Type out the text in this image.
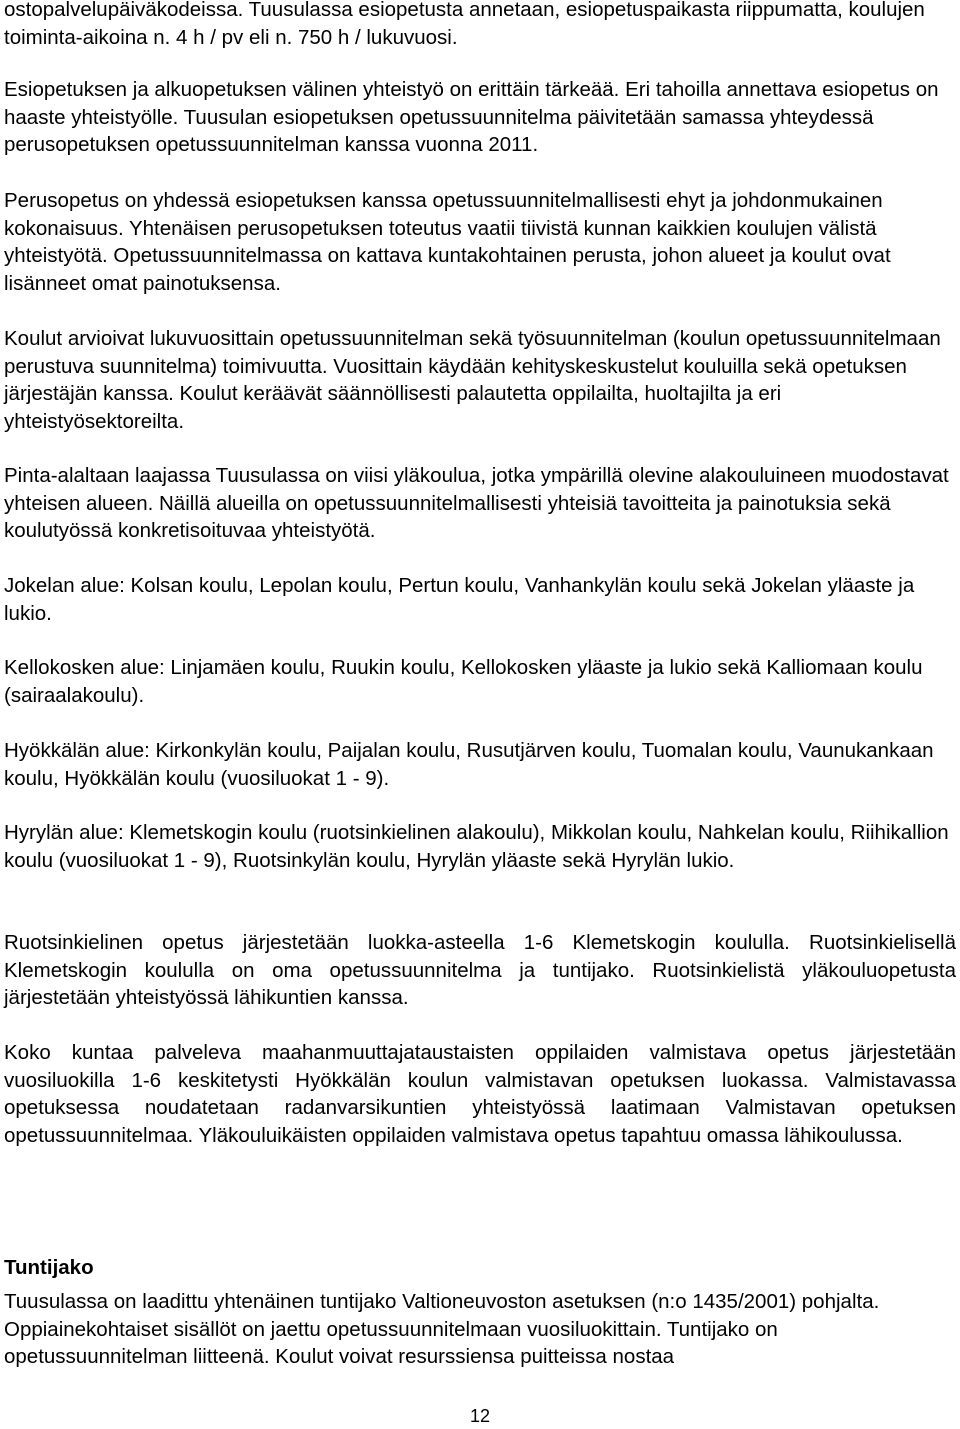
ostopalvelupäiväkodeissa. Tuusulassa esiopetusta annetaan, esiopetuspaikasta riippumatta, koulujen toiminta-aikoina n. 4 h / pv eli n. 750 h / lukuvuosi.

Esiopetuksen ja alkuopetuksen välinen yhteistyö on erittäin tärkeää. Eri tahoilla annettava esiopetus on haaste yhteistyölle. Tuusulan esiopetuksen opetussuunnitelma päivitetään samassa yhteydessä perusopetuksen opetussuunnitelman kanssa vuonna 2011.

Perusopetus on yhdessä esiopetuksen kanssa opetussuunnitelmallisesti ehyt ja johdonmukainen kokonaisuus. Yhtenäisen perusopetuksen toteutus vaatii tiivistä kunnan kaikkien koulujen välistä yhteistyötä. Opetussuunnitelmassa on kattava kuntakohtainen perusta, johon alueet ja koulut ovat lisänneet omat painotuksensa.

Koulut arvioivat lukuvuosittain opetussuunnitelman sekä työsuunnitelman (koulun opetussuunnitelmaan perustuva suunnitelma) toimivuutta. Vuosittain käydään kehityskeskustelut kouluilla sekä opetuksen järjestäjän kanssa. Koulut keräävät säännöllisesti palautetta oppilailta, huoltajilta ja eri yhteistyösektoreilta.

Pinta-alaltaan laajassa Tuusulassa on viisi yläkoulua, jotka ympärillä olevine alakouluineen muodostavat yhteisen alueen. Näillä alueilla on opetussuunnitelmallisesti yhteisiä tavoitteita ja painotuksia sekä koulutyössä konkretisoituvaa yhteistyötä.

Jokelan alue: Kolsan koulu, Lepolan koulu, Pertun koulu, Vanhankylän koulu sekä Jokelan yläaste ja lukio.

Kellokosken alue: Linjamäen koulu, Ruukin koulu, Kellokosken yläaste ja lukio sekä Kalliomaan koulu (sairaalakoulu).

Hyökkälän alue: Kirkonkylän koulu, Paijalan koulu, Rusutjärven koulu, Tuomalan koulu, Vaunukankaan koulu, Hyökkälän koulu (vuosiluokat 1 - 9).

Hyrylän alue: Klemetskogin koulu (ruotsinkielinen alakoulu), Mikkolan koulu, Nahkelan koulu, Riihikallion koulu (vuosiluokat 1 - 9), Ruotsinkylän koulu, Hyrylän yläaste sekä Hyrylän lukio.

Ruotsinkielinen opetus järjestetään luokka-asteella 1-6 Klemetskogin koululla. Ruotsinkielisellä Klemetskogin koululla on oma opetussuunnitelma ja tuntijako. Ruotsinkielistä yläkouluopetusta järjestetään yhteistyössä lähikuntien kanssa.

Koko kuntaa palveleva maahanmuuttajataustaisten oppilaiden valmistava opetus järjestetään vuosiluokilla 1-6 keskitetysti Hyökkälän koulun valmistavan opetuksen luokassa. Valmistavassa opetuksessa noudatetaan radanvarsikuntien yhteistyössä laatimaan Valmistavan opetuksen opetussuunnitelmaa. Yläkouluikäisten oppilaiden valmistava opetus tapahtuu omassa lähikoulussa.

Tuntijako

Tuusulassa on laadittu yhtenäinen tuntijako Valtioneuvoston asetuksen (n:o 1435/2001) pohjalta. Oppiainekohtaiset sisällöt on jaettu opetussuunnitelmaan vuosiluokittain. Tuntijako on opetussuunnitelman liitteenä. Koulut voivat resurssiensa puitteissa nostaa

12
